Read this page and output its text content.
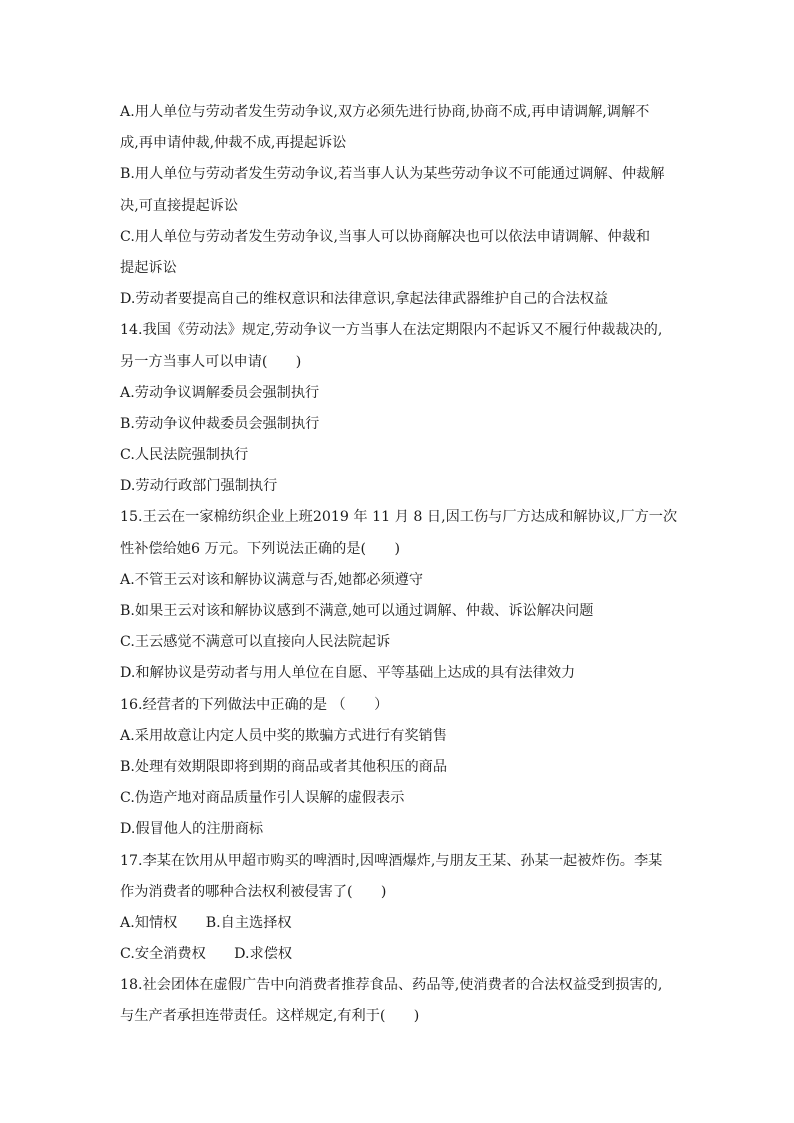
A.用人单位与劳动者发生劳动争议,双方必须先进行协商,协商不成,再申请调解,调解不
成,再申请仲裁,仲裁不成,再提起诉讼
B.用人单位与劳动者发生劳动争议,若当事人认为某些劳动争议不可能通过调解、仲裁解
决,可直接提起诉讼
C.用人单位与劳动者发生劳动争议,当事人可以协商解决也可以依法申请调解、仲裁和
提起诉讼
D.劳动者要提高自己的维权意识和法律意识,拿起法律武器维护自己的合法权益
14.我国《劳动法》规定,劳动争议一方当事人在法定期限内不起诉又不履行仲裁裁决的,
另一方当事人可以申请(　　)
A.劳动争议调解委员会强制执行
B.劳动争议仲裁委员会强制执行
C.人民法院强制执行
D.劳动行政部门强制执行
15.王云在一家棉纺织企业上班2019 年 11 月 8 日,因工伤与厂方达成和解协议,厂方一次
性补偿给她6 万元。下列说法正确的是(　　)
A.不管王云对该和解协议满意与否,她都必须遵守
B.如果王云对该和解协议感到不满意,她可以通过调解、仲裁、诉讼解决问题
C.王云感觉不满意可以直接向人民法院起诉
D.和解协议是劳动者与用人单位在自愿、平等基础上达成的具有法律效力
16.经营者的下列做法中正确的是 （　　）
A.采用故意让内定人员中奖的欺骗方式进行有奖销售
B.处理有效期限即将到期的商品或者其他积压的商品
C.伪造产地对商品质量作引人误解的虚假表示
D.假冒他人的注册商标
17.李某在饮用从甲超市购买的啤酒时,因啤酒爆炸,与朋友王某、孙某一起被炸伤。李某
作为消费者的哪种合法权利被侵害了(　　)
A.知情权　　B.自主选择权
C.安全消费权　　D.求偿权
18.社会团体在虚假广告中向消费者推荐食品、药品等,使消费者的合法权益受到损害的,
与生产者承担连带责任。这样规定,有利于(　　)
